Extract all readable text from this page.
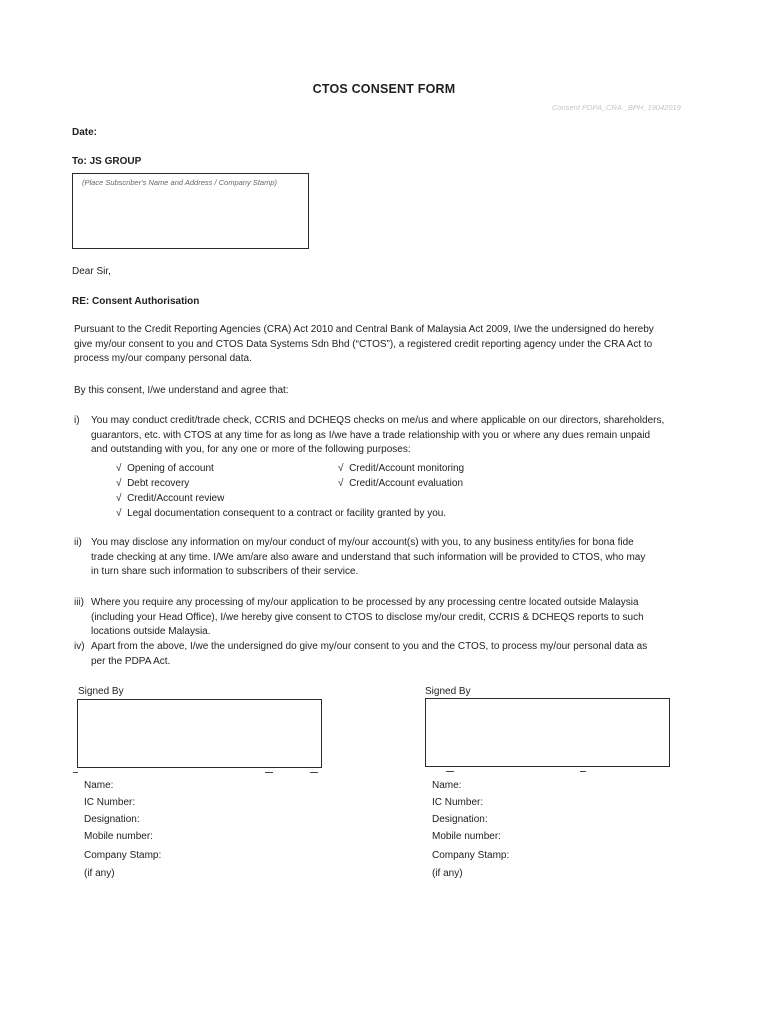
CTOS CONSENT FORM
Consent PDPA_CRA _BPH_19042019
Date:
To: JS GROUP
(Place Subscriber's Name and Address / Company Stamp)
Dear Sir,
RE: Consent Authorisation
Pursuant to the Credit Reporting Agencies (CRA) Act 2010 and Central Bank of Malaysia Act 2009, I/we the undersigned do hereby
give my/our consent to you and CTOS Data Systems Sdn Bhd (“CTOS”), a registered credit reporting agency under the CRA Act to
process my/our company personal data.
By this consent, I/we understand and agree that:
i) You may conduct credit/trade check, CCRIS and DCHEQS checks on me/us and where applicable on our directors, shareholders,
guarantors, etc. with CTOS at any time for as long as I/we have a trade relationship with you or where any dues remain unpaid
and outstanding with you, for any one or more of the following purposes:
√ Opening of account
√ Debt recovery
√ Credit/Account review
√ Legal documentation consequent to a contract or facility granted by you.
√ Credit/Account monitoring
√ Credit/Account evaluation
ii) You may disclose any information on my/our conduct of my/our account(s) with you, to any business entity/ies for bona fide
trade checking at any time. I/We am/are also aware and understand that such information will be provided to CTOS, who may
in turn share such information to subscribers of their service.
iii) Where you require any processing of my/our application to be processed by any processing centre located outside Malaysia
(including your Head Office), I/we hereby give consent to CTOS to disclose my/our credit, CCRIS & DCHEQS reports to such
locations outside Malaysia.
iv) Apart from the above, I/we the undersigned do give my/our consent to you and the CTOS, to process my/our personal data as
per the PDPA Act.
Signed By
Name:
IC Number:
Designation:
Mobile number:
Company Stamp:
(if any)
Signed By
Name:
IC Number:
Designation:
Mobile number:
Company Stamp:
(if any)
